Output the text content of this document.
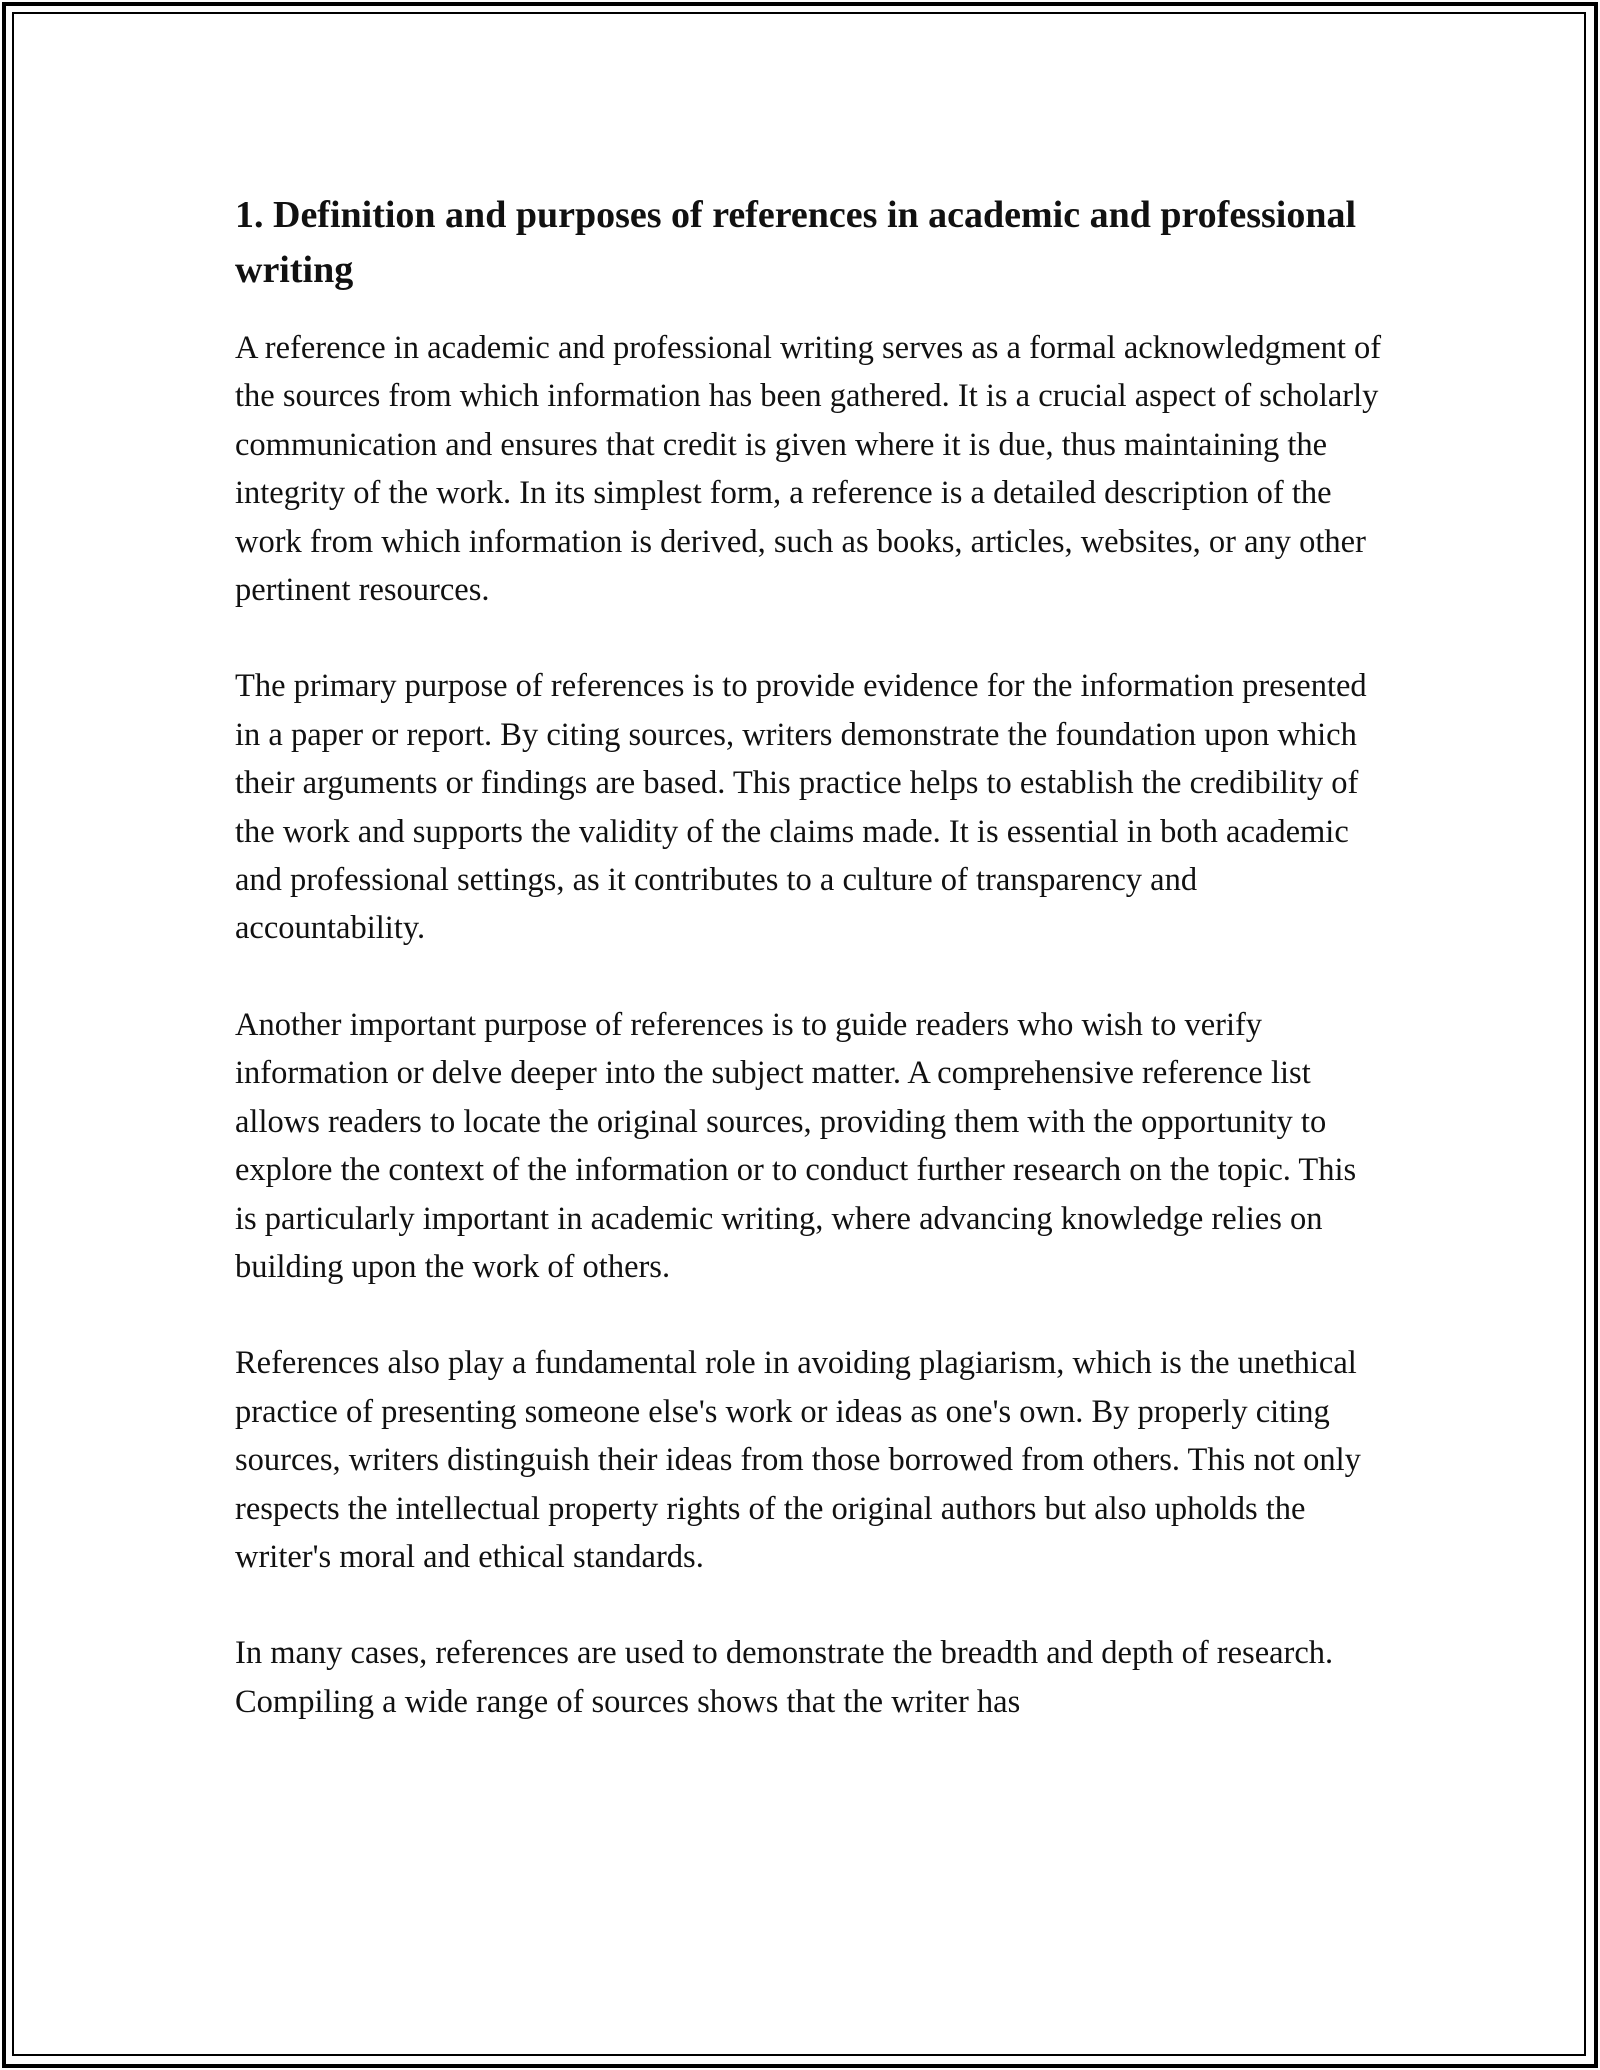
1. Definition and purposes of references in academic and professional writing

A reference in academic and professional writing serves as a formal acknowledgment of the sources from which information has been gathered. It is a crucial aspect of scholarly communication and ensures that credit is given where it is due, thus maintaining the integrity of the work. In its simplest form, a reference is a detailed description of the work from which information is derived, such as books, articles, websites, or any other pertinent resources.

The primary purpose of references is to provide evidence for the information presented in a paper or report. By citing sources, writers demonstrate the foundation upon which their arguments or findings are based. This practice helps to establish the credibility of the work and supports the validity of the claims made. It is essential in both academic and professional settings, as it contributes to a culture of transparency and accountability.

Another important purpose of references is to guide readers who wish to verify information or delve deeper into the subject matter. A comprehensive reference list allows readers to locate the original sources, providing them with the opportunity to explore the context of the information or to conduct further research on the topic. This is particularly important in academic writing, where advancing knowledge relies on building upon the work of others.

References also play a fundamental role in avoiding plagiarism, which is the unethical practice of presenting someone else's work or ideas as one's own. By properly citing sources, writers distinguish their ideas from those borrowed from others. This not only respects the intellectual property rights of the original authors but also upholds the writer's moral and ethical standards.

In many cases, references are used to demonstrate the breadth and depth of research. Compiling a wide range of sources shows that the writer has
